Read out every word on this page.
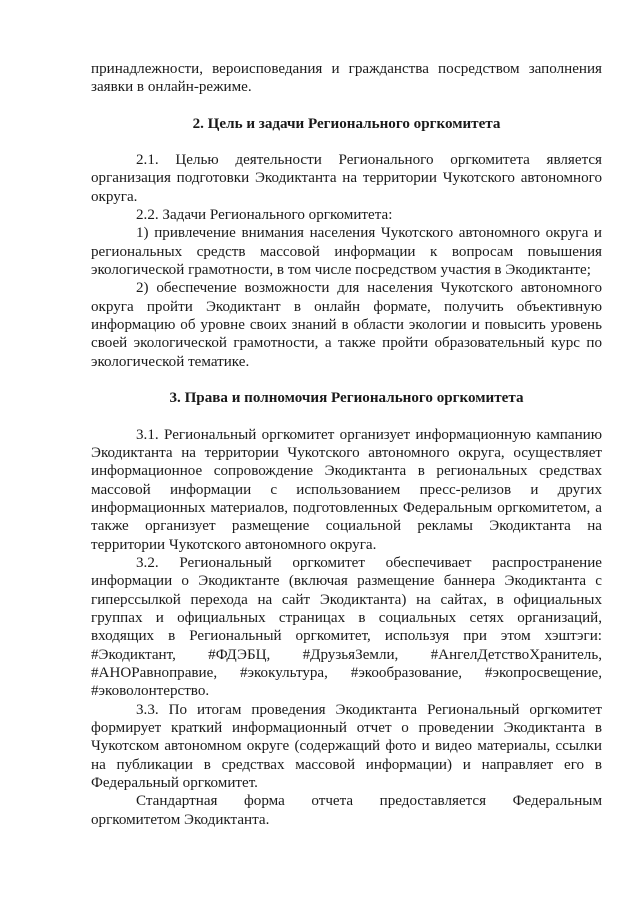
принадлежности, вероисповедания и гражданства посредством заполнения заявки в онлайн-режиме.

2. Цель и задачи Регионального оргкомитета

2.1. Целью деятельности Регионального оргкомитета является организация подготовки Экодиктанта на территории Чукотского автономного округа.

2.2. Задачи Регионального оргкомитета:

1) привлечение внимания населения Чукотского автономного округа и региональных средств массовой информации к вопросам повышения экологической грамотности, в том числе посредством участия в Экодиктанте;

2) обеспечение возможности для населения Чукотского автономного округа пройти Экодиктант в онлайн формате, получить объективную информацию об уровне своих знаний в области экологии и повысить уровень своей экологической грамотности, а также пройти образовательный курс по экологической тематике.

3. Права и полномочия Регионального оргкомитета

3.1. Региональный оргкомитет организует информационную кампанию Экодиктанта на территории Чукотского автономного округа, осуществляет информационное сопровождение Экодиктанта в региональных средствах массовой информации с использованием пресс-релизов и других информационных материалов, подготовленных Федеральным оргкомитетом, а также организует размещение социальной рекламы Экодиктанта на территории Чукотского автономного округа.

3.2. Региональный оргкомитет обеспечивает распространение информации о Экодиктанте (включая размещение баннера Экодиктанта с гиперссылкой перехода на сайт Экодиктанта) на сайтах, в официальных группах и официальных страницах в социальных сетях организаций, входящих в Региональный оргкомитет, используя при этом хэштэги: #Экодиктант, #ФДЭБЦ, #ДрузьяЗемли, #АнгелДетствоХранитель, #АНОРавноправие, #экокультура, #экообразование, #экопросвещение, #эковолонтерство.

3.3. По итогам проведения Экодиктанта Региональный оргкомитет формирует краткий информационный отчет о проведении Экодиктанта в Чукотском автономном округе (содержащий фото и видео материалы, ссылки на публикации в средствах массовой информации) и направляет его в Федеральный оргкомитет.

Стандартная форма отчета предоставляется Федеральным оргкомитетом Экодиктанта.
